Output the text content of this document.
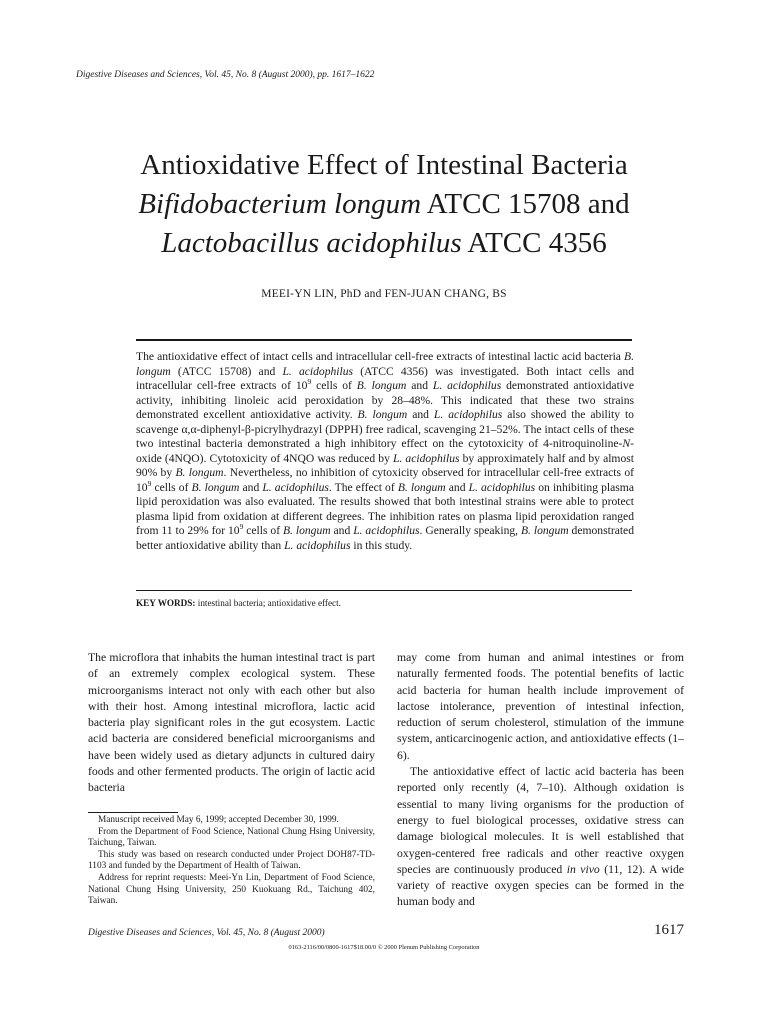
Digestive Diseases and Sciences, Vol. 45, No. 8 (August 2000), pp. 1617–1622
Antioxidative Effect of Intestinal Bacteria
Bifidobacterium longum ATCC 15708 and
Lactobacillus acidophilus ATCC 4356
MEEI-YN LIN, PhD and FEN-JUAN CHANG, BS
The antioxidative effect of intact cells and intracellular cell-free extracts of intestinal lactic acid bacteria B. longum (ATCC 15708) and L. acidophilus (ATCC 4356) was investigated. Both intact cells and intracellular cell-free extracts of $10^9$ cells of B. longum and L. acidophilus demonstrated antioxidative activity, inhibiting linoleic acid peroxidation by 28–48%. This indicated that these two strains demonstrated excellent antioxidative activity. B. longum and L. acidophilus also showed the ability to scavenge α,α-diphenyl-β-picrylhydrazyl (DPPH) free radical, scavenging 21–52%. The intact cells of these two intestinal bacteria demonstrated a high inhibitory effect on the cytotoxicity of 4-nitroquinoline-N-oxide (4NQO). Cytotoxicity of 4NQO was reduced by L. acidophilus by approximately half and by almost 90% by B. longum. Nevertheless, no inhibition of cytoxicity observed for intracellular cell-free extracts of $10^9$ cells of B. longum and L. acidophilus. The effect of B. longum and L. acidophilus on inhibiting plasma lipid peroxidation was also evaluated. The results showed that both intestinal strains were able to protect plasma lipid from oxidation at different degrees. The inhibition rates on plasma lipid peroxidation ranged from 11 to 29% for $10^9$ cells of B. longum and L. acidophilus. Generally speaking, B. longum demonstrated better antioxidative ability than L. acidophilus in this study.
KEY WORDS: intestinal bacteria; antioxidative effect.

The microflora that inhabits the human intestinal tract is part of an extremely complex ecological system. These microorganisms interact not only with each other but also with their host. Among intestinal microflora, lactic acid bacteria play significant roles in the gut ecosystem. Lactic acid bacteria are considered beneficial microorganisms and have been widely used as dietary adjuncts in cultured dairy foods and other fermented products. The origin of lactic acid bacteria

Manuscript received May 6, 1999; accepted December 30, 1999.

From the Department of Food Science, National Chung Hsing University, Taichung, Taiwan.

This study was based on research conducted under Project DOH87-TD-1103 and funded by the Department of Health of Taiwan.

Address for reprint requests: Meei-Yn Lin, Department of Food Science, National Chung Hsing University, 250 Kuokuang Rd., Taichung 402, Taiwan.

may come from human and animal intestines or from naturally fermented foods. The potential benefits of lactic acid bacteria for human health include improvement of lactose intolerance, prevention of intestinal infection, reduction of serum cholesterol, stimulation of the immune system, anticarcinogenic action, and antioxidative effects (1–6).

The antioxidative effect of lactic acid bacteria has been reported only recently (4, 7–10). Although oxidation is essential to many living organisms for the production of energy to fuel biological processes, oxidative stress can damage biological molecules. It is well established that oxygen-centered free radicals and other reactive oxygen species are continuously produced in vivo (11, 12). A wide variety of reactive oxygen species can be formed in the human body and

Digestive Diseases and Sciences, Vol. 45, No. 8 (August 2000)	1617
0163-2116/00/0800-1617$18.00/0 © 2000 Plenum Publishing Corporation
